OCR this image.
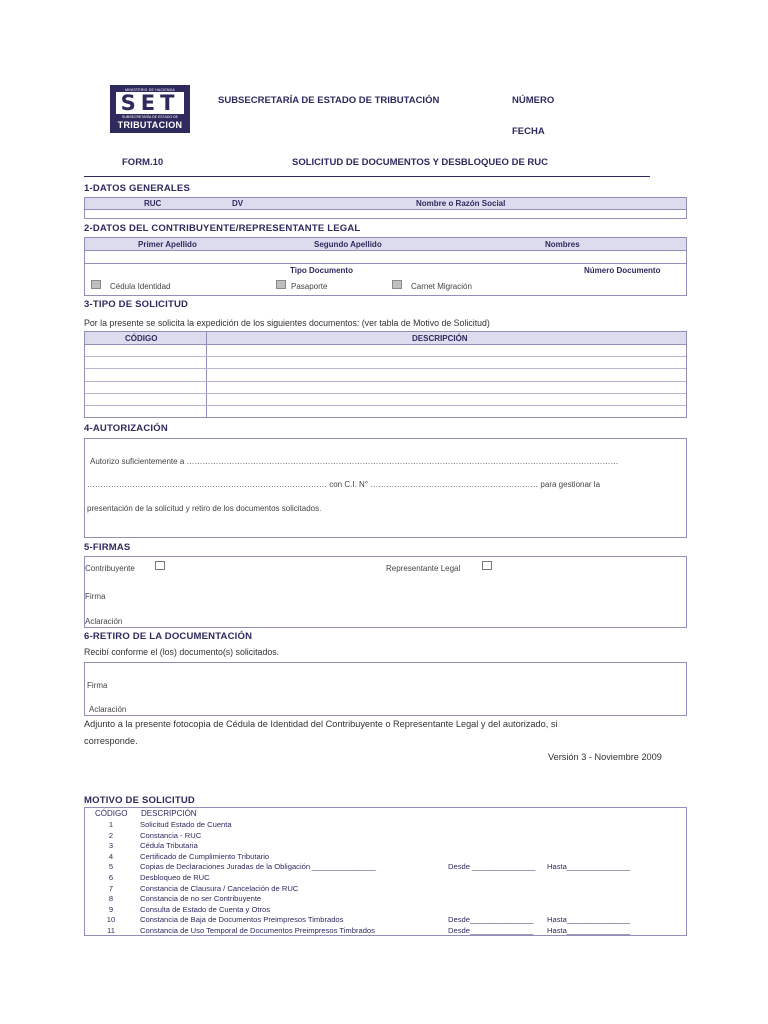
MINISTERIO DE HACIENDA
SET
SUBSECRETARÍA DE ESTADO DE
TRIBUTACION
SUBSECRETARÍA DE ESTADO DE TRIBUTACIÓN	NÚMERO
FECHA
FORM.10	SOLICITUD DE DOCUMENTOS Y DESBLOQUEO DE RUC
1-DATOS GENERALES
RUC	DV	Nombre o Razón Social
2-DATOS DEL CONTRIBUYENTE/REPRESENTANTE LEGAL
Primer Apellido	Segundo Apellido	Nombres
Tipo Documento	Número Documento
Cédula Identidad	Pasaporte	Carnet Migración
3-TIPO DE SOLICITUD
Por la presente se solicita la expedición de los siguientes documentos: (ver tabla de Motivo de Solicitud)
CÓDIGO	DESCRIPCIÓN
4-AUTORIZACIÓN
Autorizo suficientemente a ………………………………………………………………………………………………………………………………………………
……………………………………………………………………………… con C.I. N° ……………………………………………………… para gestionar la
presentación de la solicitud y retiro de los documentos solicitados.
5-FIRMAS
Contribuyente	Representante Legal
Firma
Aclaración
6-RETIRO DE LA DOCUMENTACIÓN
Recibí conforme el (los) documento(s) solicitados.
Firma
Aclaración
Adjunto a la presente fotocopia de Cédula de Identidad del Contribuyente o Representante Legal y del autorizado, si
corresponde.
Versión 3 - Noviembre 2009
MOTIVO DE SOLICITUD
CÓDIGO DESCRIPCIÓN
1	Solicitud Estado de Cuenta
2	Constancia - RUC
3	Cédula Tributaria
4	Certificado de Cumplimiento Tributario
5	Copias de Declaraciones Juradas de la Obligación _______________	Desde _______________ Hasta_______________
6	Desbloqueo de RUC
7	Constancia de Clausura / Cancelación de RUC
8	Constancia de no ser Contribuyente
9	Consulta de Estado de Cuenta y Otros
10	Constancia de Baja de Documentos Preimpresos Timbrados	Desde_______________ Hasta_______________
11	Constancia de Uso Temporal de Documentos Preimpresos Timbrados	Desde_______________ Hasta_______________
